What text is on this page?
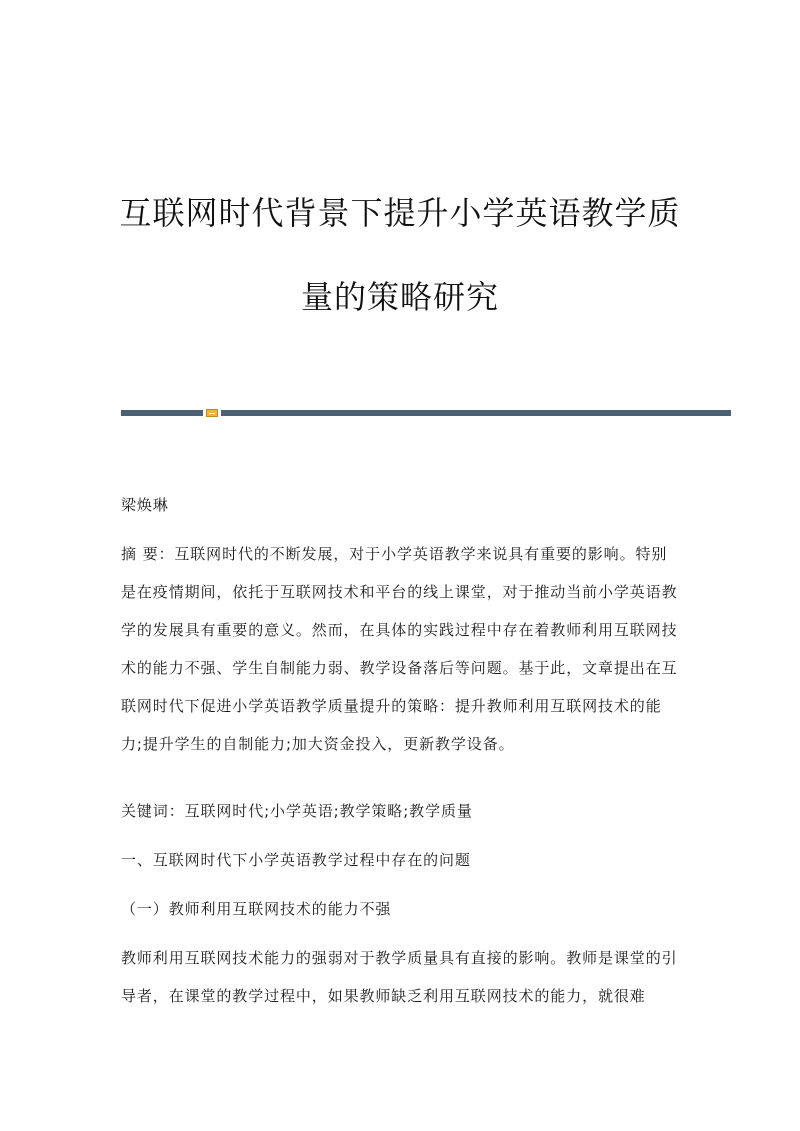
互联网时代背景下提升小学英语教学质
量的策略研究

梁焕琳

摘 要：互联网时代的不断发展，对于小学英语教学来说具有重要的影响。特别是在疫情期间，依托于互联网技术和平台的线上课堂，对于推动当前小学英语教学的发展具有重要的意义。然而，在具体的实践过程中存在着教师利用互联网技术的能力不强、学生自制能力弱、教学设备落后等问题。基于此，文章提出在互联网时代下促进小学英语教学质量提升的策略：提升教师利用互联网技术的能力;提升学生的自制能力;加大资金投入，更新教学设备。

关键词：互联网时代;小学英语;教学策略;教学质量

一、互联网时代下小学英语教学过程中存在的问题

（一）教师利用互联网技术的能力不强

教师利用互联网技术能力的强弱对于教学质量具有直接的影响。教师是课堂的引导者，在课堂的教学过程中，如果教师缺乏利用互联网技术的能力，就很难
